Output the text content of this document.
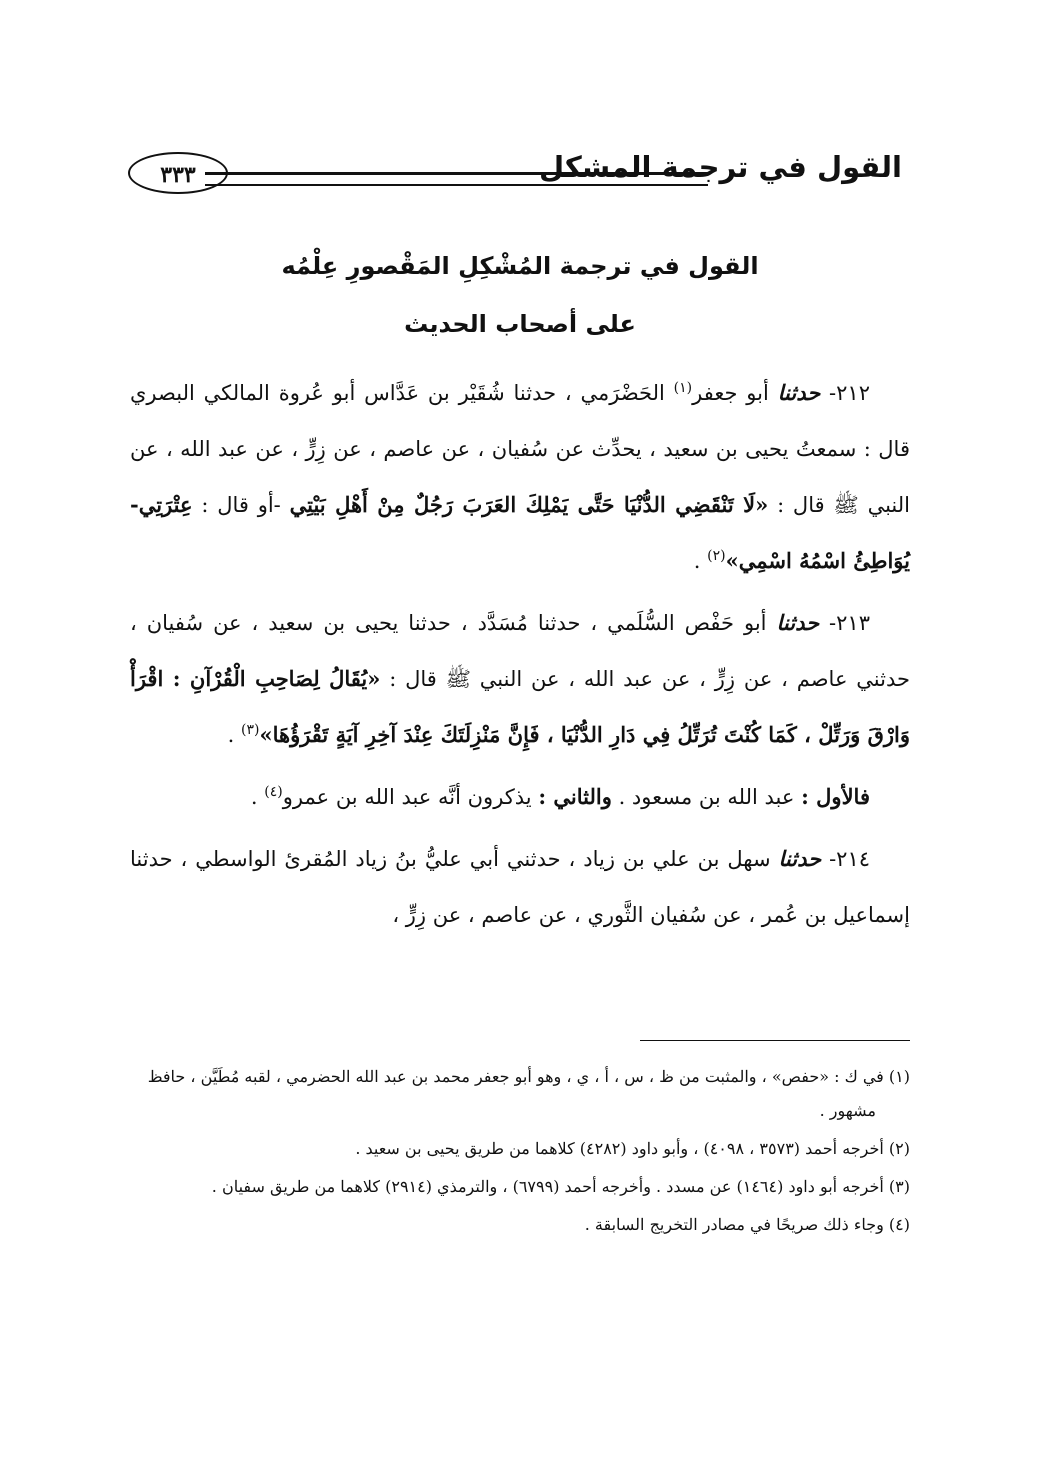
القول في ترجمة المشكل
٣٣٣
القول في ترجمة المُشْكِلِ المَقْصورِ عِلْمُه
على أصحاب الحديث

٢١٢- حدثنا أبو جعفر$^{(١)}$ الحَضْرَمي ، حدثنا شُقَيْر بن عَدَّاس أبو عُروة المالكي البصري قال : سمعتُ يحيى بن سعيد ، يحدِّث عن سُفيان ، عن عاصم ، عن زِرٍّ ، عن عبد الله ، عن النبي ﷺ قال : «لَا تَنْقَضِي الدُّنْيَا حَتَّى يَمْلِكَ العَرَبَ رَجُلٌ مِنْ أَهْلِ بَيْتِي -أو قال : عِتْرَتِي- يُوَاطِئُ اسْمُهُ اسْمِي»$^{(٢)}$ .

٢١٣- حدثنا أبو حَفْص السُّلَمي ، حدثنا مُسَدَّد ، حدثنا يحيى بن سعيد ، عن سُفيان ، حدثني عاصم ، عن زِرٍّ ، عن عبد الله ، عن النبي ﷺ قال : «يُقَالُ لِصَاحِبِ الْقُرْآنِ : اقْرَأْ وَارْقَ وَرَتِّلْ ، كَمَا كُنْتَ تُرَتِّلُ فِي دَارِ الدُّنْيَا ، فَإِنَّ مَنْزِلَتَكَ عِنْدَ آخِرِ آيَةٍ تَقْرَؤُهَا»$^{(٣)}$ .

فالأول : عبد الله بن مسعود . والثاني : يذكرون أنَّه عبد الله بن عمرو$^{(٤)}$ .

٢١٤- حدثنا سهل بن علي بن زياد ، حدثني أبي عليُّ بنُ زياد المُقرئ الواسطي ، حدثنا إسماعيل بن عُمر ، عن سُفيان الثَّوري ، عن عاصم ، عن زِرٍّ ،

(١) في ك : «حفص» ، والمثبت من ظ ، س ، أ ، ي ، وهو أبو جعفر محمد بن عبد الله الحضرمي ، لقبه مُطَيَّن ، حافظ مشهور .
(٢) أخرجه أحمد (٣٥٧٣ ، ٤٠٩٨) ، وأبو داود (٤٢٨٢) كلاهما من طريق يحيى بن سعيد .
(٣) أخرجه أبو داود (١٤٦٤) عن مسدد . وأخرجه أحمد (٦٧٩٩) ، والترمذي (٢٩١٤) كلاهما من طريق سفيان .
(٤) وجاء ذلك صريحًا في مصادر التخريج السابقة .
